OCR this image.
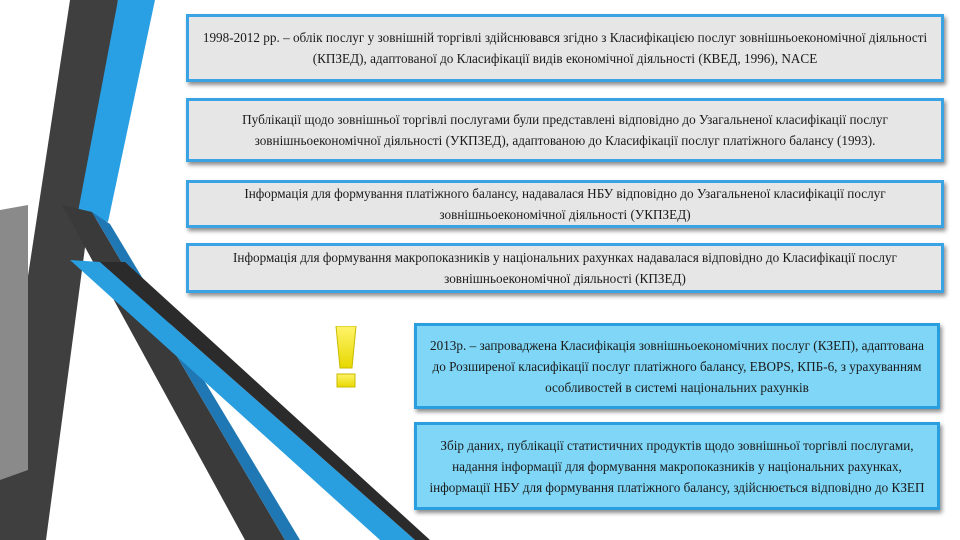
1998-2012 рр. – облік послуг у зовнішній торгівлі здійснювався згідно з Класифікацією послуг зовнішньоекономічної діяльності (КПЗЕД), адаптованої до Класифікації видів економічної діяльності (КВЕД, 1996), NACE
Публікації щодо зовнішньої торгівлі послугами були представлені відповідно до Узагальненої класифікації послуг зовнішньоекономічної діяльності (УКПЗЕД), адаптованою до Класифікації послуг платіжного балансу (1993).
Інформація для формування платіжного балансу, надавалася НБУ відповідно до Узагальненої класифікації послуг зовнішньоекономічної діяльності (УКПЗЕД)
Інформація для формування макропоказників у національних рахунках надавалася відповідно до Класифікації послуг зовнішньоекономічної діяльності (КПЗЕД)
2013р. – запроваджена Класифікація зовнішньоекономічних послуг (КЗЕП), адаптована до Розширеної класифікації послуг платіжного балансу, EBOPS, КПБ-6, з урахуванням особливостей в системі національних рахунків
Збір даних, публікації статистичних продуктів щодо зовнішньої торгівлі послугами, надання інформації для формування макропоказників у національних рахунках, інформації НБУ для формування платіжного балансу, здійснюється відповідно до КЗЕП
